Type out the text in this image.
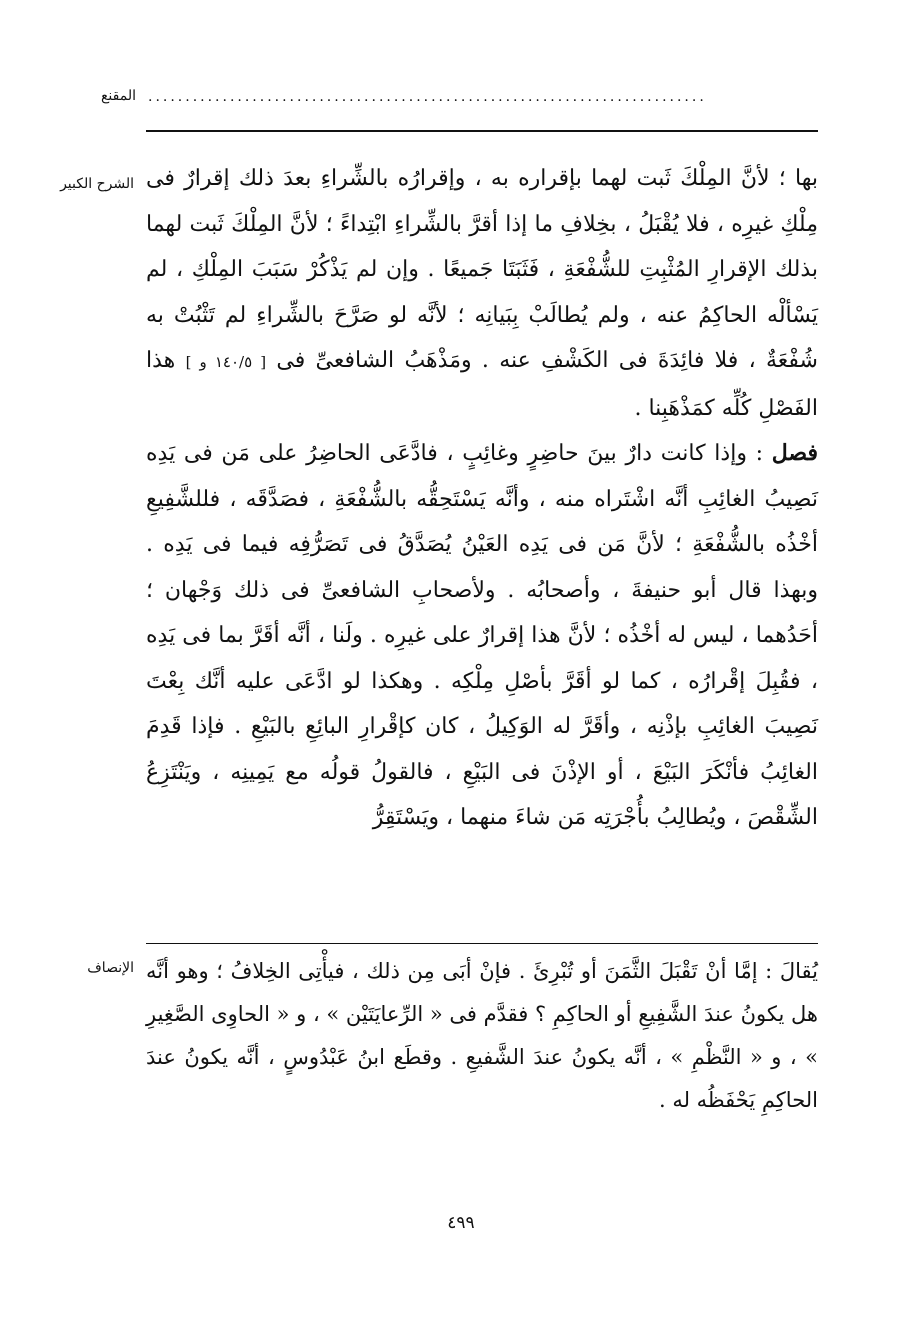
المقنع ...........................................................................
الشرح الكبير بها ؛ لأنَّ المِلْكَ ثَبت لهما بإقراره به ، وإقرارُه بالشِّراءِ بعدَ ذلك إقرارٌ فى مِلْكِ غيرِه ، فلا يُقْبَلُ ، بخِلافِ ما إذا أقرَّ بالشِّراءِ ابْتِداءً ؛ لأنَّ المِلْكَ ثَبت لهما بذلك الإقرارِ المُثْبِتِ للشُّفْعَةِ ، فَثَبَتَا جَميعًا . وإن لم يَذْكُرْ سَبَبَ المِلْكِ ، لم يَسْألْه الحاكِمُ عنه ، ولم يُطالَبْ بِبَيانِه ؛ لأنَّه لو صَرَّحَ بالشِّراءِ لم تَثْبُتْ به شُفْعَةٌ ، فلا فائِدَةَ فى الكَشْفِ عنه . ومَذْهَبُ الشافعىِّ فى [ ١٤٠/٥ و ] هذا الفَصْلِ كُلِّه كمَذْهَبِنا .

فصل : وإذا كانت دارٌ بينَ حاضِرٍ وغائِبٍ ، فادَّعَى الحاضِرُ على مَن فى يَدِه نَصِيبُ الغائِبِ أنَّه اشْتَراه منه ، وأنَّه يَسْتَحِقُّه بالشُّفْعَةِ ، فصَدَّقَه ، فللشَّفِيعِ أخْذُه بالشُّفْعَةِ ؛ لأنَّ مَن فى يَدِه العَيْنُ يُصَدَّقُ فى تَصَرُّفِه فيما فى يَدِه . وبهذا قال أبو حنيفةَ ، وأصحابُه . ولأصحابِ الشافعىِّ فى ذلك وَجْهان ؛ أحَدُهما ، ليس له أخْذُه ؛ لأنَّ هذا إقرارٌ على غيرِه . ولَنا ، أنَّه أقَرَّ بما فى يَدِه ، فقُبِلَ إقْرارُه ، كما لو أقَرَّ بأصْلِ مِلْكِه . وهكذا لو ادَّعَى عليه أنَّك بِعْتَ نَصِيبَ الغائِبِ بإذْنِه ، وأقَرَّ له الوَكِيلُ ، كان كإقْرارِ البائِعِ بالبَيْعِ . فإذا قَدِمَ الغائِبُ فأنْكَرَ البَيْعَ ، أو الإذْنَ فى البَيْعِ ، فالقولُ قولُه مع يَمِينِه ، ويَنْتَزِعُ الشِّقْصَ ، ويُطالِبُ بأُجْرَتِه مَن شاءَ منهما ، ويَسْتَقِرُّ

الإنصاف يُقالَ : إمَّا أنْ تَقْبَلَ الثَّمَنَ أو تُبْرِئَ . فإنْ أبَى مِن ذلك ، فيأْتِى الخِلافُ ؛ وهو أنَّه هل يكونُ عندَ الشَّفِيعِ أو الحاكِمِ ؟ فقدَّم فى « الرِّعايَتَيْن » ، و « الحاوِى الصَّغِيرِ » ، و « النَّظْمِ » ، أنَّه يكونُ عندَ الشَّفيعِ . وقطَع ابنُ عَبْدُوسٍ ، أنَّه يكونُ عندَ الحاكِمِ يَحْفَظُه له .

٤٩٩
